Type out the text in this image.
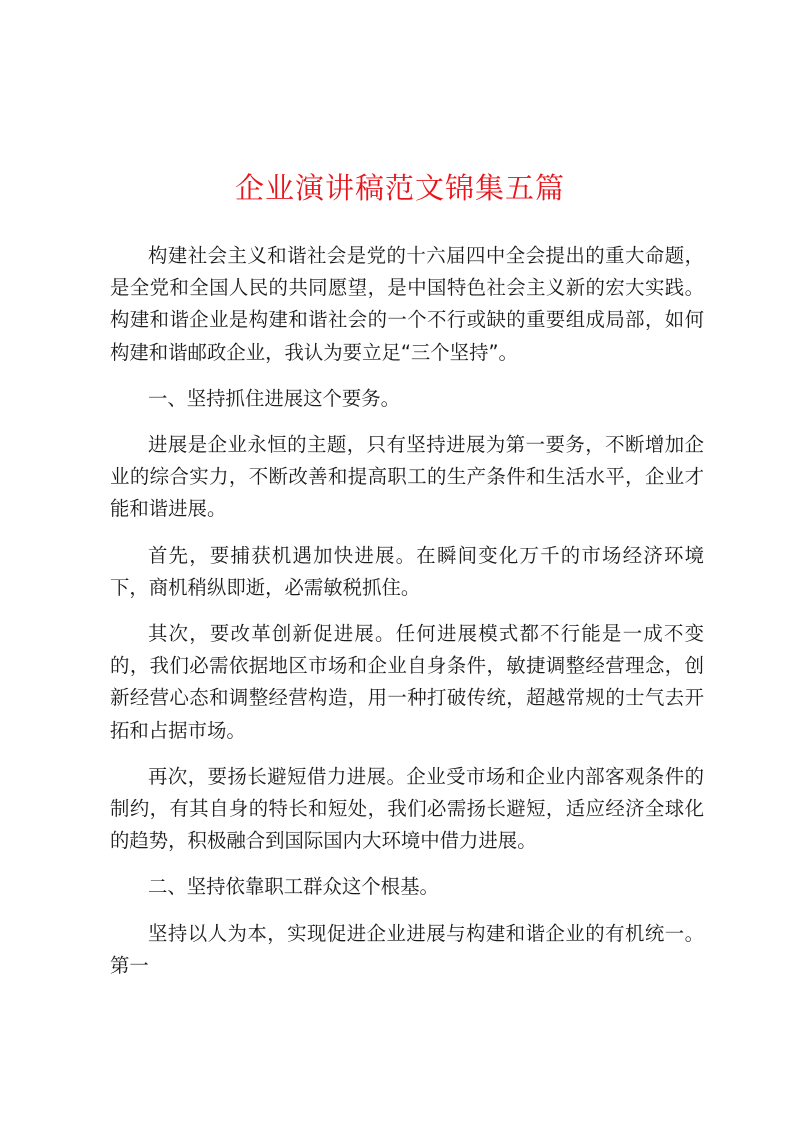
企业演讲稿范文锦集五篇

构建社会主义和谐社会是党的十六届四中全会提出的重大命题，是全党和全国人民的共同愿望，是中国特色社会主义新的宏大实践。构建和谐企业是构建和谐社会的一个不行或缺的重要组成局部，如何构建和谐邮政企业，我认为要立足“三个坚持”。

一、坚持抓住进展这个要务。

进展是企业永恒的主题，只有坚持进展为第一要务，不断增加企业的综合实力，不断改善和提高职工的生产条件和生活水平，企业才能和谐进展。

首先，要捕获机遇加快进展。在瞬间变化万千的市场经济环境下，商机稍纵即逝，必需敏税抓住。

其次，要改革创新促进展。任何进展模式都不行能是一成不变的，我们必需依据地区市场和企业自身条件，敏捷调整经营理念，创新经营心态和调整经营构造，用一种打破传统，超越常规的士气去开拓和占据市场。

再次，要扬长避短借力进展。企业受市场和企业内部客观条件的制约，有其自身的特长和短处，我们必需扬长避短，适应经济全球化的趋势，积极融合到国际国内大环境中借力进展。

二、坚持依靠职工群众这个根基。

坚持以人为本，实现促进企业进展与构建和谐企业的有机统一。第一
